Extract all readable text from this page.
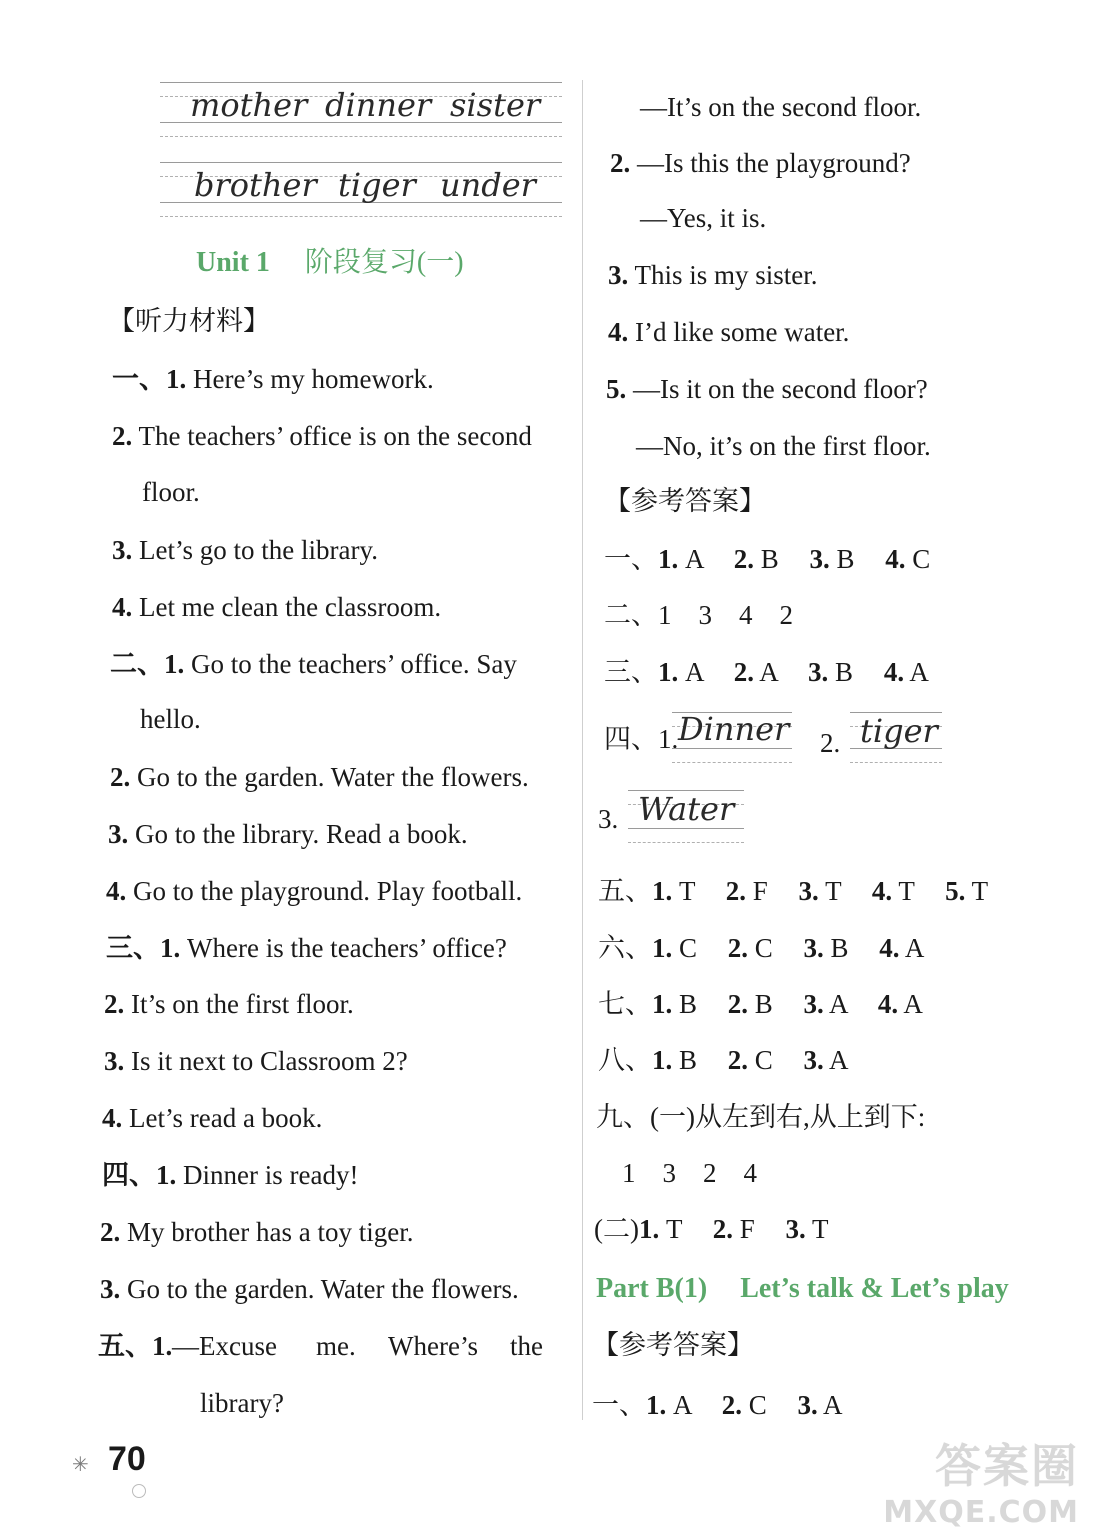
mother dinner sister
brother tiger under
Unit 1 阶段复习(一)
【听力材料】
一、1. Here’s my homework.
2. The teachers’ office is on the second
floor.
3. Let’s go to the library.
4. Let me clean the classroom.
二、1. Go to the teachers’ office. Say
hello.
2. Go to the garden. Water the flowers.
3. Go to the library. Read a book.
4. Go to the playground. Play football.
三、1. Where is the teachers’ office?
2. It’s on the first floor.
3. Is it next to Classroom 2?
4. Let’s read a book.
四、1. Dinner is ready!
2. My brother has a toy tiger.
3. Go to the garden. Water the flowers.
五、1. —Excuse me. Where’s the
library?
✳ 70
—It’s on the second floor.
2. —Is this the playground?
—Yes, it is.
3. This is my sister.
4. I’d like some water.
5. —Is it on the second floor?
—No, it’s on the first floor.
【参考答案】
一、1. A 2. B 3. B 4. C
二、1　3　4　2
三、1. A 2. A 3. B 4. A
四、1. Dinner 2. tiger
3. Water
五、1. T 2. F 3. T 4. T 5. T
六、1. C 2. C 3. B 4. A
七、1. B 2. B 3. A 4. A
八、1. B 2. C 3. A
九、(一)从左到右,从上到下:
1　3　2　4
(二)1. T 2. F 3. T
Part B(1) Let’s talk & Let’s play
【参考答案】
一、1. A 2. C 3. A
答案圈
MXQE.COM
